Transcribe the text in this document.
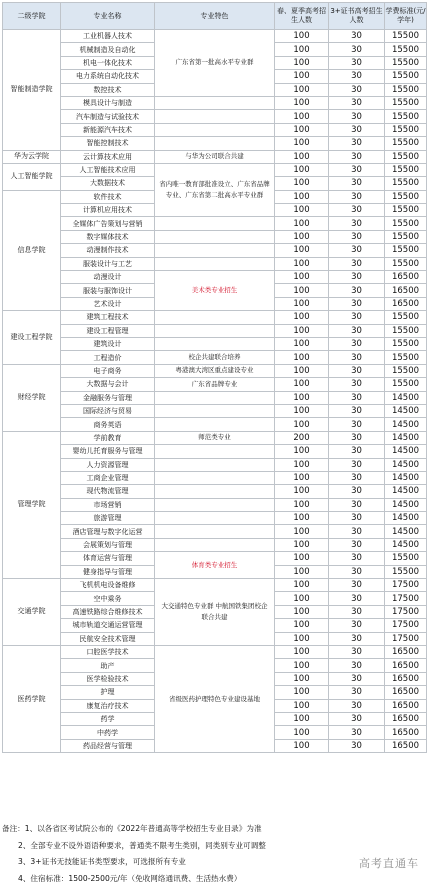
二级学院	专业名称	专业特色	春、夏季高考招生人数	3+证书高考招生人数	学费标准(元/学年)
智能制造学院	工业机器人技术	广东省第一批高水平专业群	100	30	15500
	机械制造及自动化		100	30	15500
	机电一体化技术		100	30	15500
	电力系统自动化技术		100	30	15500
	数控技术		100	30	15500
	模具设计与制造		100	30	15500
	汽车制造与试验技术		100	30	15500
	新能源汽车技术		100	30	15500
	智能控制技术		100	30	15500
华为云学院	云计算技术应用	与华为公司联合共建	100	30	15500
人工智能学院	人工智能技术应用	省内唯一教育部批准设立、广东省品牌专业、广东省第二批高水平专业群	100	30	15500
	大数据技术		100	30	15500
信息学院	软件技术		100	30	15500
	计算机应用技术		100	30	15500
	全媒体广告策划与营销		100	30	15500
	数字媒体技术		100	30	15500
	动漫制作技术		100	30	15500
	服装设计与工艺		100	30	15500
	动漫设计	美术类专业招生	100	30	16500
	服装与服饰设计		100	30	16500
	艺术设计		100	30	16500
建设工程学院	建筑工程技术		100	30	15500
	建设工程管理		100	30	15500
	建筑设计		100	30	15500
	工程造价	校企共建联合培养	100	30	15500
财经学院	电子商务	粤港澳大湾区重点建设专业	100	30	15500
	大数据与会计	广东省品牌专业	100	30	15500
	金融服务与管理		100	30	14500
	国际经济与贸易		100	30	14500
	商务英语		100	30	14500
管理学院	学前教育	师范类专业	200	30	14500
	婴幼儿托育服务与管理		100	30	14500
	人力资源管理		100	30	14500
	工商企业管理		100	30	14500
	现代物流管理		100	30	14500
	市场营销		100	30	14500
	旅游管理		100	30	14500
	酒店管理与数字化运营		100	30	14500
	会展策划与管理		100	30	14500
	体育运营与管理	体育类专业招生	100	30	15500
	健身指导与管理		100	30	15500
交通学院	飞机机电设备维修	大交通特色专业群 中航国铁集团校企联合共建	100	30	17500
	空中乘务		100	30	17500
	高速铁路综合维修技术		100	30	17500
	城市轨道交通运营管理		100	30	17500
	民航安全技术管理		100	30	17500
医药学院	口腔医学技术	省级医药护理特色专业建设基地	100	30	16500
	助产		100	30	16500
	医学检验技术		100	30	16500
	护理		100	30	16500
	康复治疗技术		100	30	16500
	药学		100	30	16500
	中药学		100	30	16500
	药品经营与管理		100	30	16500
备注：1、以各省区考试院公布的《2022年普通高等学校招生专业目录》为准
2、全部专业不设外语语种要求，普通类不限考生类别，同类别专业可调整
3、3+证书无技能证书类型要求，可选报所有专业
4、住宿标准：1500-2500元/年（免收网络通讯费、生活热水费）
高考直通车
